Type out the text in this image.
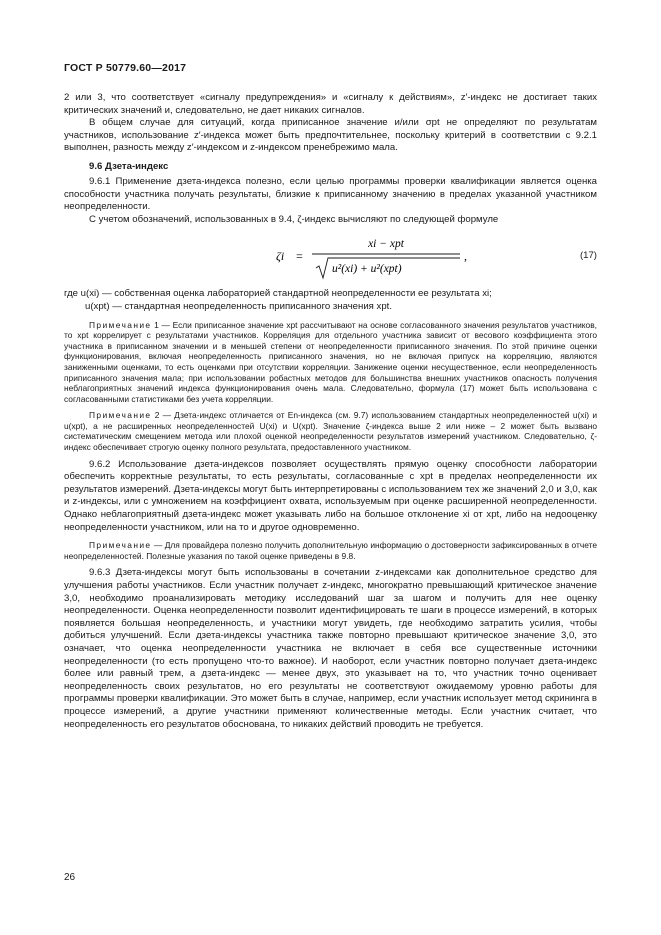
ГОСТ Р 50779.60—2017

2 или 3, что соответствует «сигналу предупреждения» и «сигналу к действиям», z′-индекс не достигает таких критических значений и, следовательно, не дает никаких сигналов.

В общем случае для ситуаций, когда приписанное значение и/или σpt не определяют по результатам участников, использование z′-индекса может быть предпочтительнее, поскольку критерий в соответствии с 9.2.1 выполнен, разность между z′-индексом и z-индексом пренебрежимо мала.

9.6 Дзета-индекс

9.6.1 Применение дзета-индекса полезно, если целью программы проверки квалификации является оценка способности участника получать результаты, близкие к приписанному значению в пределах указанной участником неопределенности.

С учетом обозначений, использованных в 9.4, ζ-индекс вычисляют по следующей формуле

ζi =
xi − xpt
u²(xi) + u²(xpt)
,	(17)
где u(xi) — собственная оценка лабораторией стандартной неопределенности ее результата xi;
u(xpt) — стандартная неопределенность приписанного значения xpt.

Примечание 1 — Если приписанное значение xpt рассчитывают на основе согласованного значения результатов участников, то xpt коррелирует с результатами участников. Корреляция для отдельного участника зависит от весового коэффициента этого участника в приписанном значении и в меньшей степени от неопределенности приписанного значения. По этой причине оценки функционирования, включая неопределенность приписанного значения, но не включая припуск на корреляцию, являются заниженными оценками, то есть оценками при отсутствии корреляции. Занижение оценки несущественное, если неопределенность приписанного значения мала; при использовании робастных методов для большинства внешних участников опасность получения неблагоприятных значений индекса функционирования очень мала. Следовательно, формула (17) может быть использована с согласованными статистиками без учета корреляции.

Примечание 2 — Дзета-индекс отличается от En-индекса (см. 9.7) использованием стандартных неопределенностей u(xi) и u(xpt), а не расширенных неопределенностей U(xi) и U(xpt). Значение ζ-индекса выше 2 или ниже – 2 может быть вызвано систематическим смещением метода или плохой оценкой неопределенности результатов измерений участником. Следовательно, ζ-индекс обеспечивает строгую оценку полного результата, предоставленного участником.

9.6.2 Использование дзета-индексов позволяет осуществлять прямую оценку способности лаборатории обеспечить корректные результаты, то есть результаты, согласованные с xpt в пределах неопределенности их результатов измерений. Дзета-индексы могут быть интерпретированы с использованием тех же значений 2,0 и 3,0, как и z-индексы, или с умножением на коэффициент охвата, используемым при оценке расширенной неопределенности. Однако неблагоприятный дзета-индекс может указывать либо на большое отклонение xi от xpt, либо на недооценку неопределенности участником, или на то и другое одновременно.

Примечание — Для провайдера полезно получить дополнительную информацию о достоверности зафиксированных в отчете неопределенностей. Полезные указания по такой оценке приведены в 9.8.

9.6.3 Дзета-индексы могут быть использованы в сочетании z-индексами как дополнительное средство для улучшения работы участников. Если участник получает z-индекс, многократно превышающий критическое значение 3,0, необходимо проанализировать методику исследований шаг за шагом и получить для нее оценку неопределенности. Оценка неопределенности позволит идентифицировать те шаги в процессе измерений, в которых появляется большая неопределенность, и участники могут увидеть, где необходимо затратить усилия, чтобы добиться улучшений. Если дзета-индексы участника также повторно превышают критическое значение 3,0, это означает, что оценка неопределенности участника не включает в себя все существенные источники неопределенности (то есть пропущено что-то важное). И наоборот, если участник повторно получает дзета-индекс более или равный трем, а дзета-индекс — менее двух, это указывает на то, что участник точно оценивает неопределенность своих результатов, но его результаты не соответствуют ожидаемому уровню работы для программы проверки квалификации. Это может быть в случае, например, если участник использует метод скрининга в процессе измерений, а другие участники применяют количественные методы. Если участник считает, что неопределенность его результатов обоснована, то никаких действий проводить не требуется.

26
